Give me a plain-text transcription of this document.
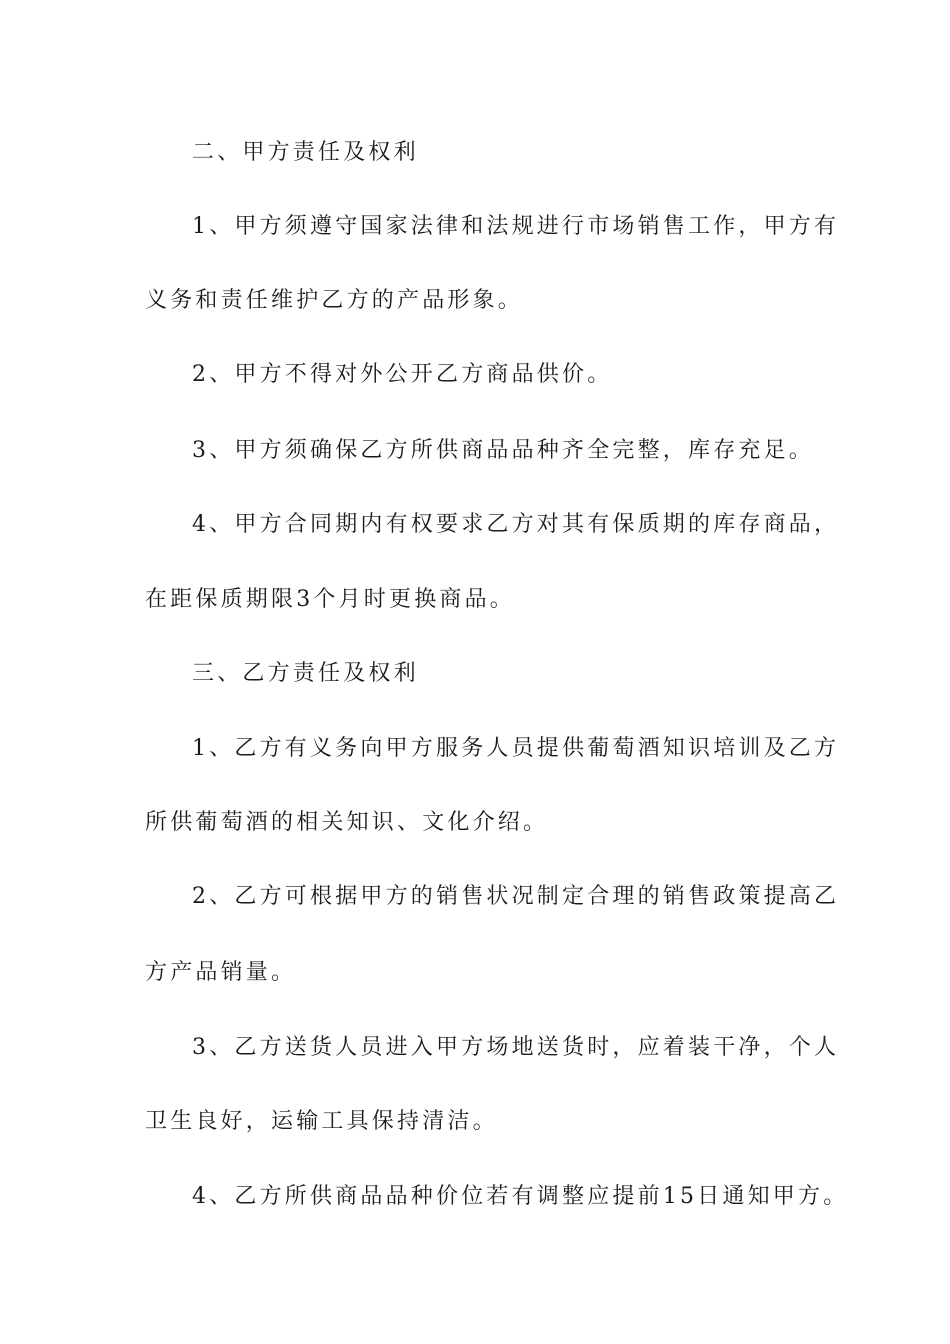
二、甲方责任及权利
1、甲方须遵守国家法律和法规进行市场销售工作，甲方有
义务和责任维护乙方的产品形象。
2、甲方不得对外公开乙方商品供价。
3、甲方须确保乙方所供商品品种齐全完整，库存充足。
4、甲方合同期内有权要求乙方对其有保质期的库存商品，
在距保质期限3个月时更换商品。
三、乙方责任及权利
1、乙方有义务向甲方服务人员提供葡萄酒知识培训及乙方
所供葡萄酒的相关知识、文化介绍。
2、乙方可根据甲方的销售状况制定合理的销售政策提高乙
方产品销量。
3、乙方送货人员进入甲方场地送货时，应着装干净，个人
卫生良好，运输工具保持清洁。
4、乙方所供商品品种价位若有调整应提前15日通知甲方。
